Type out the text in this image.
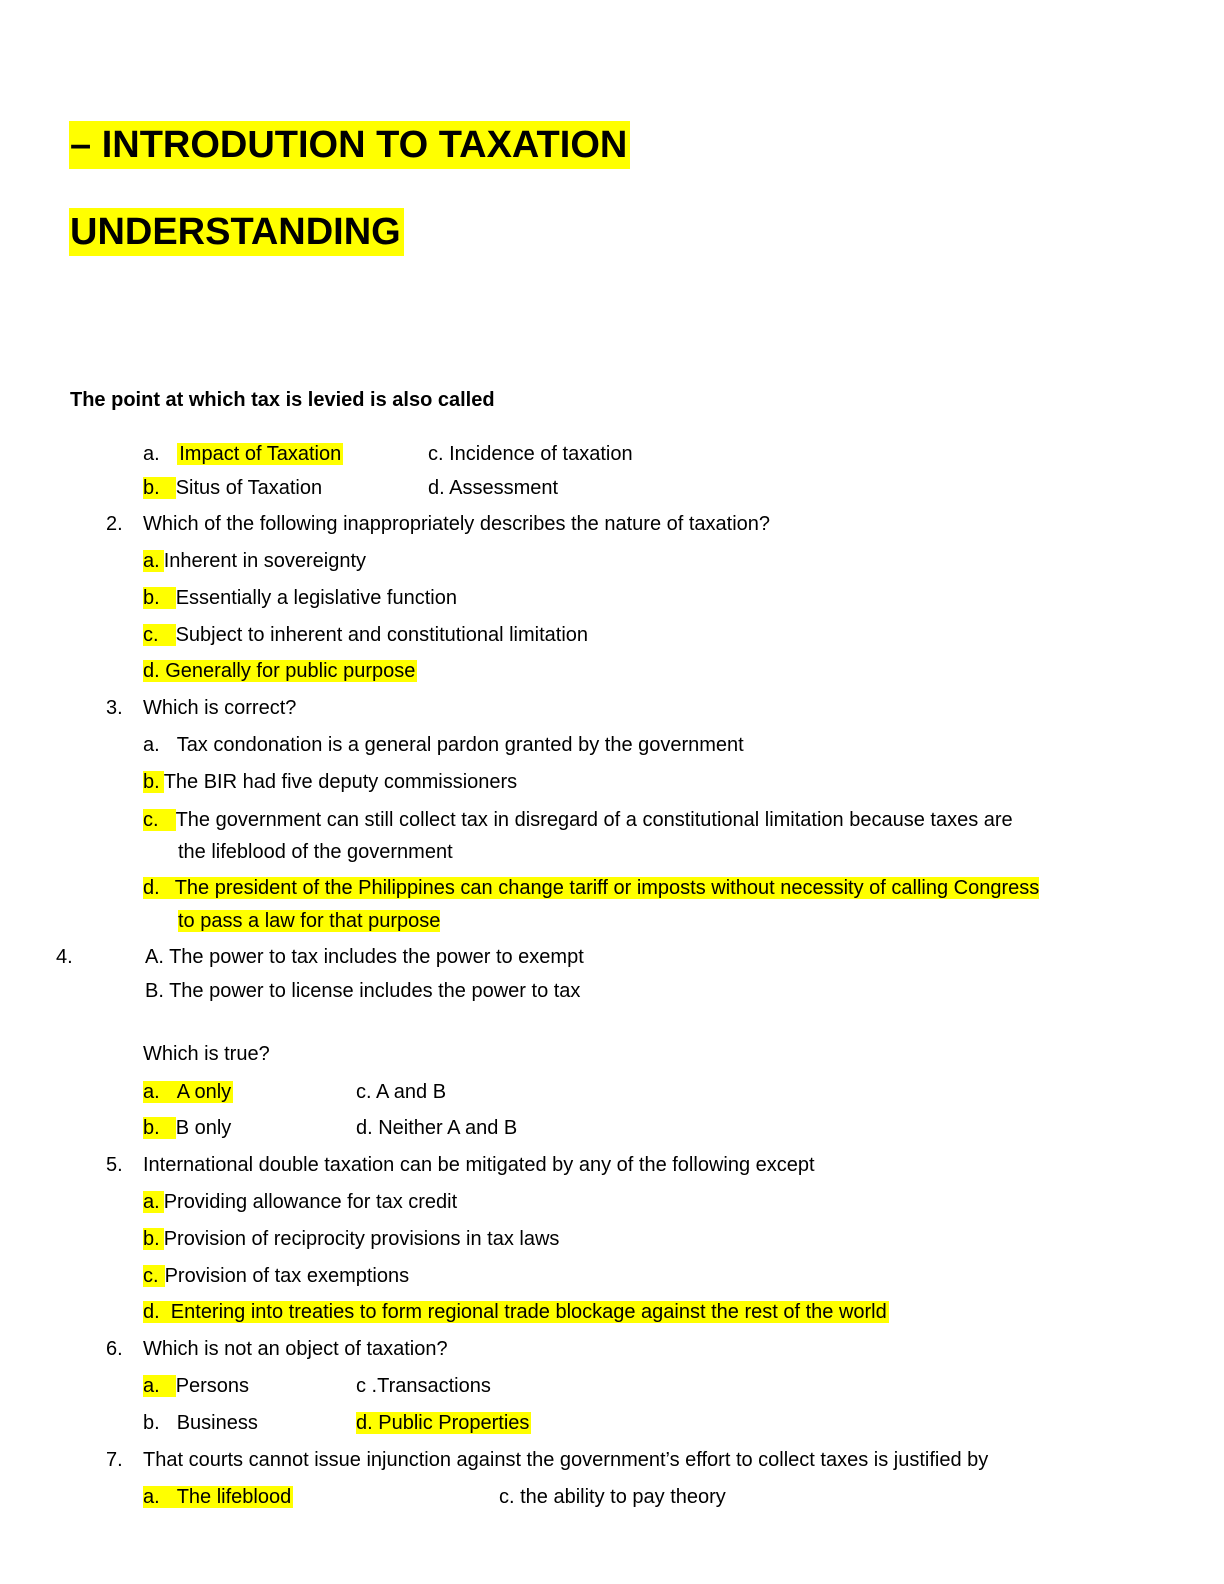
– INTRODUTION TO TAXATION
UNDERSTANDING
The point at which tax is levied is also called
a. Impact of Taxation	c. Incidence of taxation
b. Situs of Taxation	d. Assessment
2. Which of the following inappropriately describes the nature of taxation?
a. Inherent in sovereignty
b. Essentially a legislative function
c. Subject to inherent and constitutional limitation
d. Generally for public purpose
3. Which is correct?
a. Tax condonation is a general pardon granted by the government
b. The BIR had five deputy commissioners
c. The government can still collect tax in disregard of a constitutional limitation because taxes are
the lifeblood of the government
d. The president of the Philippines can change tariff or imposts without necessity of calling Congress
to pass a law for that purpose
4.	A. The power to tax includes the power to exempt
B. The power to license includes the power to tax
Which is true?
a. A only	c. A and B
b. B only	d. Neither A and B
5. International double taxation can be mitigated by any of the following except
a. Providing allowance for tax credit
b. Provision of reciprocity provisions in tax laws
c. Provision of tax exemptions
d.  Entering into treaties to form regional trade blockage against the rest of the world
6. Which is not an object of taxation?
a. Persons	c .Transactions
b. Business	d. Public Properties
7. That courts cannot issue injunction against the government’s effort to collect taxes is justified by
a. The lifeblood	c. the ability to pay theory
